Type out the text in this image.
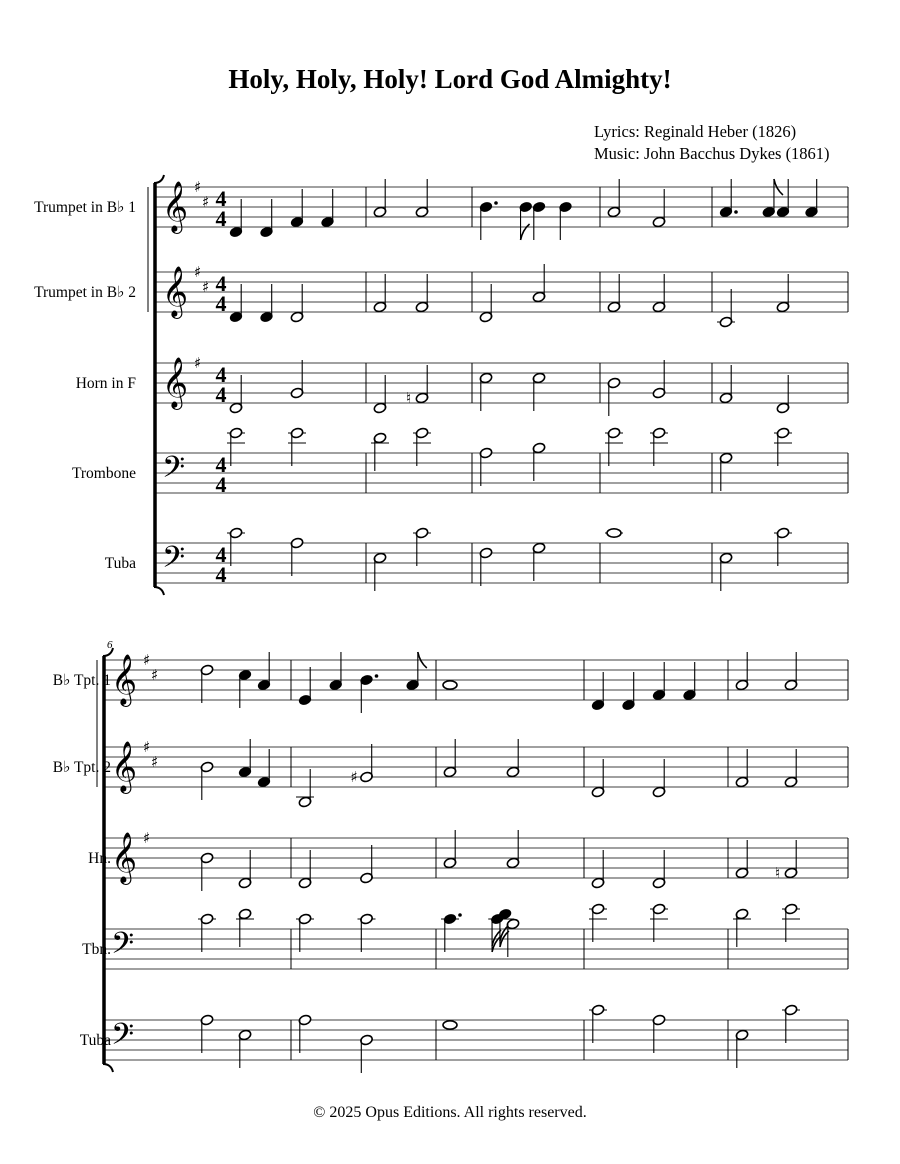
Holy, Holy, Holy! Lord God Almighty!
Lyrics: Reginald Heber (1826)
Music: John Bacchus Dykes (1861)
Trumpet in B♭ 1 𝄞 ♯
♯ 4
4
Trumpet in B♭ 2 𝄞 ♯
♯ 4
4
Horn in F 𝄞 ♯ 4
4	♮
Trombone 𝄢 4
4
Tuba 𝄢 4
4
6
B♭ Tpt. 1 𝄞 ♯
♯
B♭ Tpt. 2 𝄞 ♯
♯
♯
Hn. 𝄞 ♯
♮
Tbn. 𝄢
Tuba 𝄢
© 2025 Opus Editions. All rights reserved.
